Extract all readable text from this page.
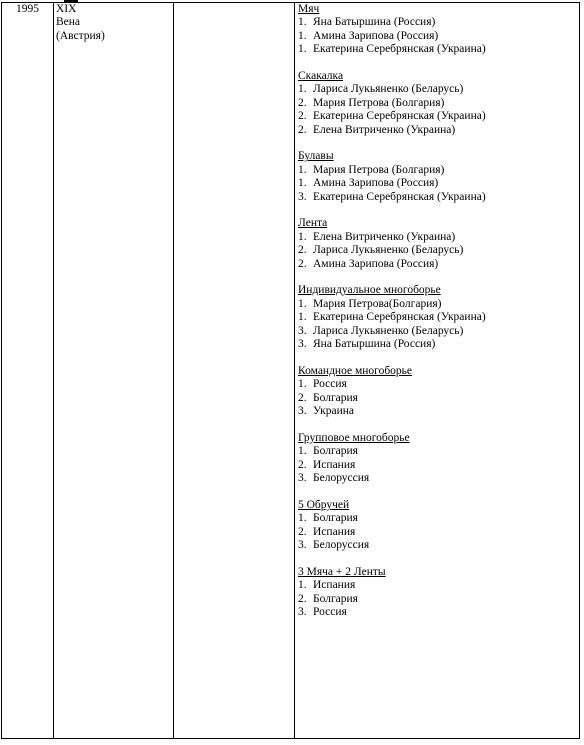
1995	XIX
Вена
(Австрия)
Мяч
1. Яна Батыршина (Россия)
1. Амина Зарипова (Россия)
1. Екатерина Серебрянская (Украина)
Скакалка
1. Лариса Лукьяненко (Беларусь)
2. Мария Петрова (Болгария)
2. Екатерина Серебрянская (Украина)
2. Елена Витриченко (Украина)
Булавы
1. Мария Петрова (Болгария)
1. Амина Зарипова (Россия)
3. Екатерина Серебрянская (Украина)
Лента
1. Елена Витриченко (Украина)
2. Лариса Лукьяненко (Беларусь)
2. Амина Зарипова (Россия)
Индивидуальное многоборье
1. Мария Петрова(Болгария)
1. Екатерина Серебрянская (Украина)
3. Лариса Лукьяненко (Беларусь)
3. Яна Батыршина (Россия)
Командное многоборье
1. Россия
2. Болгария
3. Украина
Групповое многоборье
1. Болгария
2. Испания
3. Белоруссия
5 Обручей
1. Болгария
2. Испания
3. Белоруссия
3 Мяча + 2 Ленты
1. Испания
2. Болгария
3. Россия
